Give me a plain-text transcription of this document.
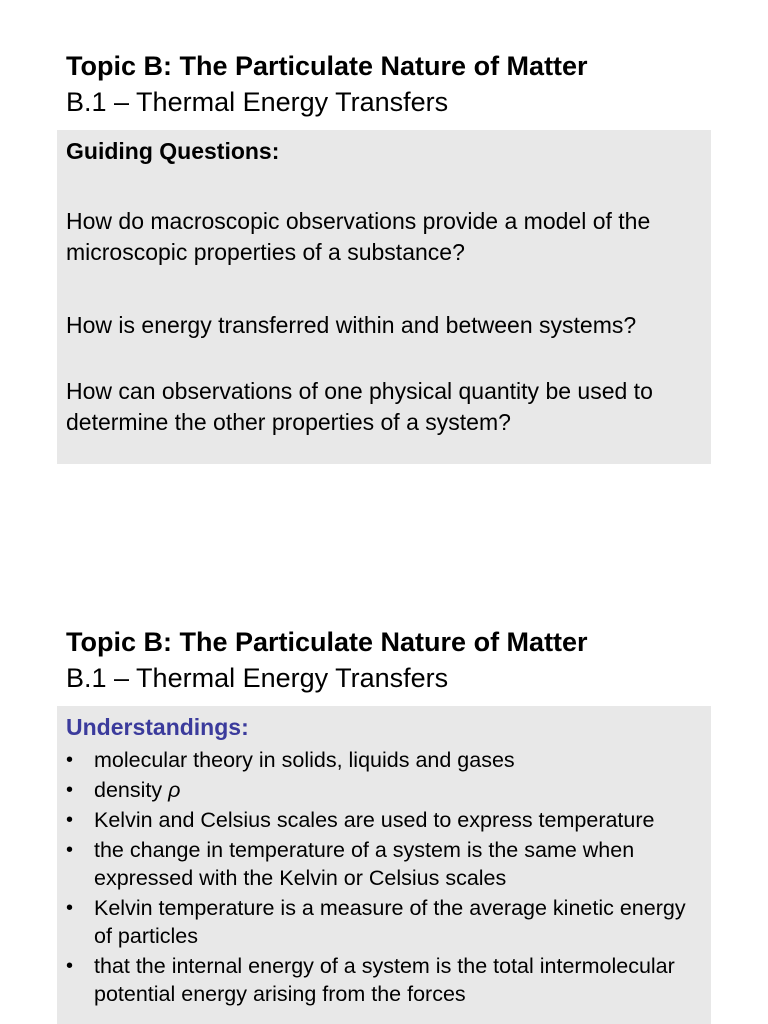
Topic B: The Particulate Nature of Matter
B.1 – Thermal Energy Transfers
Guiding Questions:
How do macroscopic observations provide a model of the microscopic properties of a substance?
How is energy transferred within and between systems?
How can observations of one physical quantity be used to determine the other properties of a system?
Topic B: The Particulate Nature of Matter
B.1 – Thermal Energy Transfers
Understandings:
• molecular theory in solids, liquids and gases
• density ρ
• Kelvin and Celsius scales are used to express temperature
• the change in temperature of a system is the same when expressed with the Kelvin or Celsius scales
• Kelvin temperature is a measure of the average kinetic energy of particles
• that the internal energy of a system is the total intermolecular potential energy arising from the forces
